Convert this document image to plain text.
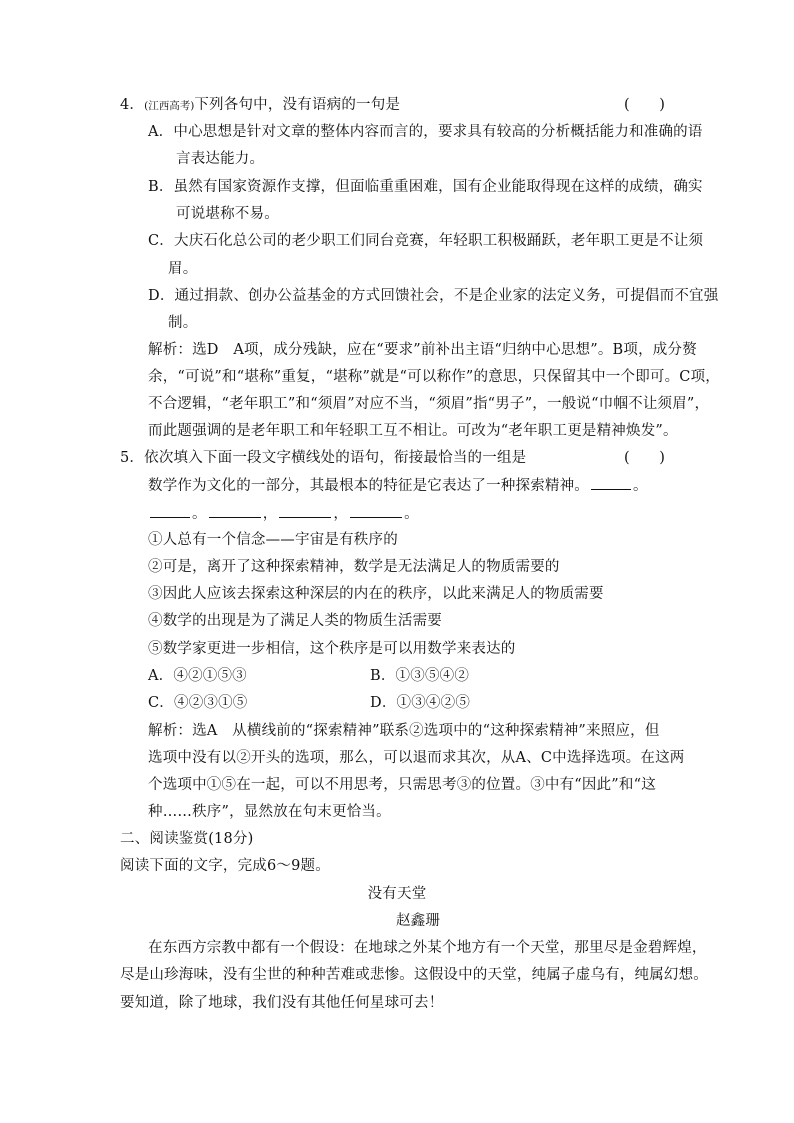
4．(江西高考)下列各句中，没有语病的一句是	(　　)
A．中心思想是针对文章的整体内容而言的，要求具有较高的分析概括能力和准确的语
言表达能力。
B．虽然有国家资源作支撑，但面临重重困难，国有企业能取得现在这样的成绩，确实
可说堪称不易。
C．大庆石化总公司的老少职工们同台竞赛，年轻职工积极踊跃，老年职工更是不让须
眉。
D．通过捐款、创办公益基金的方式回馈社会，不是企业家的法定义务，可提倡而不宜强
制。
解析：选D　A项，成分残缺，应在“要求”前补出主语“归纳中心思想”。B项，成分赘
余，“可说”和“堪称”重复，“堪称”就是“可以称作”的意思，只保留其中一个即可。C项，
不合逻辑，“老年职工”和“须眉”对应不当，“须眉”指“男子”，一般说“巾帼不让须眉”，
而此题强调的是老年职工和年轻职工互不相让。可改为“老年职工更是精神焕发”。
5．依次填入下面一段文字横线处的语句，衔接最恰当的一组是	(　　)
数学作为文化的一部分，其最根本的特征是它表达了一种探索精神。	。
。	，	，	。
①人总有一个信念——宇宙是有秩序的
②可是，离开了这种探索精神，数学是无法满足人的物质需要的
③因此人应该去探索这种深层的内在的秩序，以此来满足人的物质需要
④数学的出现是为了满足人类的物质生活需要
⑤数学家更进一步相信，这个秩序是可以用数学来表达的
A．④②①⑤③	B．①③⑤④②
C．④②③①⑤	D．①③④②⑤
解析：选A　从横线前的“探索精神”联系②选项中的“这种探索精神”来照应，但
选项中没有以②开头的选项，那么，可以退而求其次，从A、C中选择选项。在这两
个选项中①⑤在一起，可以不用思考，只需思考③的位置。③中有“因此”和“这
种……秩序”，显然放在句末更恰当。
二、阅读鉴赏(18分)
阅读下面的文字，完成6～9题。
没有天堂
赵鑫珊
在东西方宗教中都有一个假设：在地球之外某个地方有一个天堂，那里尽是金碧辉煌，
尽是山珍海味，没有尘世的种种苦难或悲惨。这假设中的天堂，纯属子虚乌有，纯属幻想。
要知道，除了地球，我们没有其他任何星球可去！
